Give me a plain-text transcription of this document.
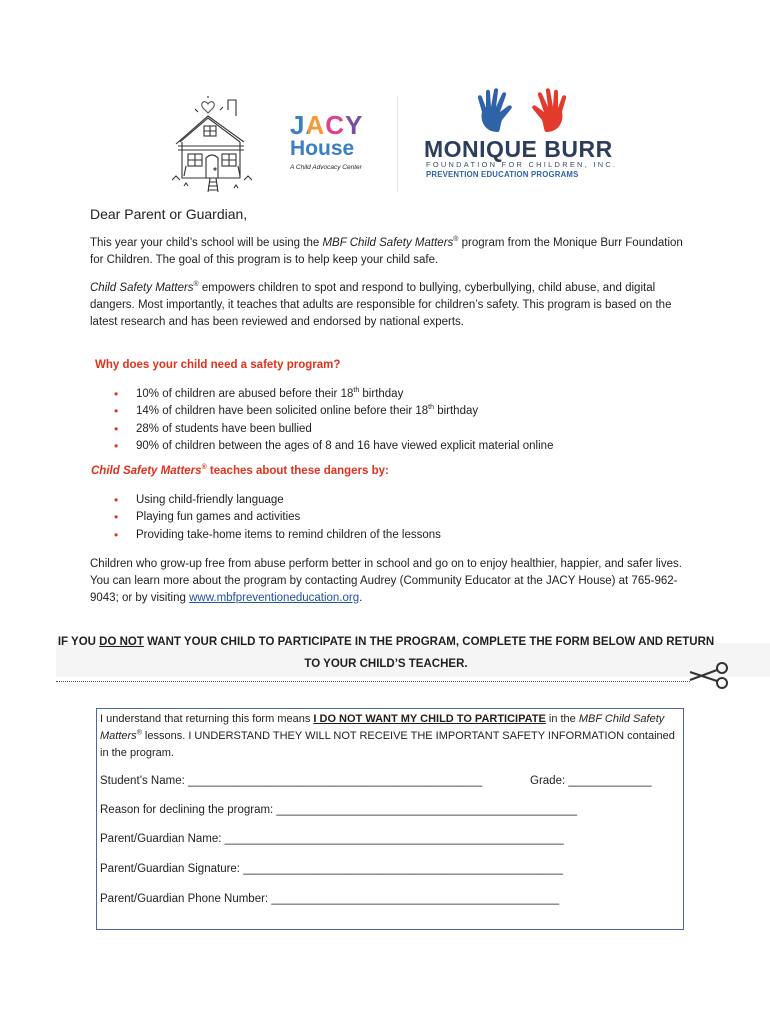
JACY
House
A Child Advocacy Center
MONIQUE BURR
FOUNDATION FOR CHILDREN, INC.
PREVENTION EDUCATION PROGRAMS
Dear Parent or Guardian,
This year your child’s school will be using the MBF Child Safety Matters® program from the Monique Burr Foundation for Children. The goal of this program is to help keep your child safe.
Child Safety Matters® empowers children to spot and respond to bullying, cyberbullying, child abuse, and digital dangers. Most importantly, it teaches that adults are responsible for children’s safety. This program is based on the latest research and has been reviewed and endorsed by national experts.
Why does your child need a safety program?
• 10% of children are abused before their 18th birthday
• 14% of children have been solicited online before their 18th birthday
• 28% of students have been bullied
• 90% of children between the ages of 8 and 16 have viewed explicit material online
Child Safety Matters® teaches about these dangers by:
• Using child-friendly language
• Playing fun games and activities
• Providing take-home items to remind children of the lessons
Children who grow-up free from abuse perform better in school and go on to enjoy healthier, happier, and safer lives. You can learn more about the program by contacting Audrey (Community Educator at the JACY House) at 765-962-9043; or by visiting www.mbfpreventioneducation.org.
IF YOU DO NOT WANT YOUR CHILD TO PARTICIPATE IN THE PROGRAM, COMPLETE THE FORM BELOW AND RETURN TO YOUR CHILD’S TEACHER.
I understand that returning this form means I DO NOT WANT MY CHILD TO PARTICIPATE in the MBF Child Safety Matters® lessons. I UNDERSTAND THEY WILL NOT RECEIVE THE IMPORTANT SAFETY INFORMATION contained in the program.
Student’s Name: ______________________________________________	Grade: _____________
Reason for declining the program: _______________________________________________
Parent/Guardian Name: _____________________________________________________
Parent/Guardian Signature: __________________________________________________
Parent/Guardian Phone Number: _____________________________________________
